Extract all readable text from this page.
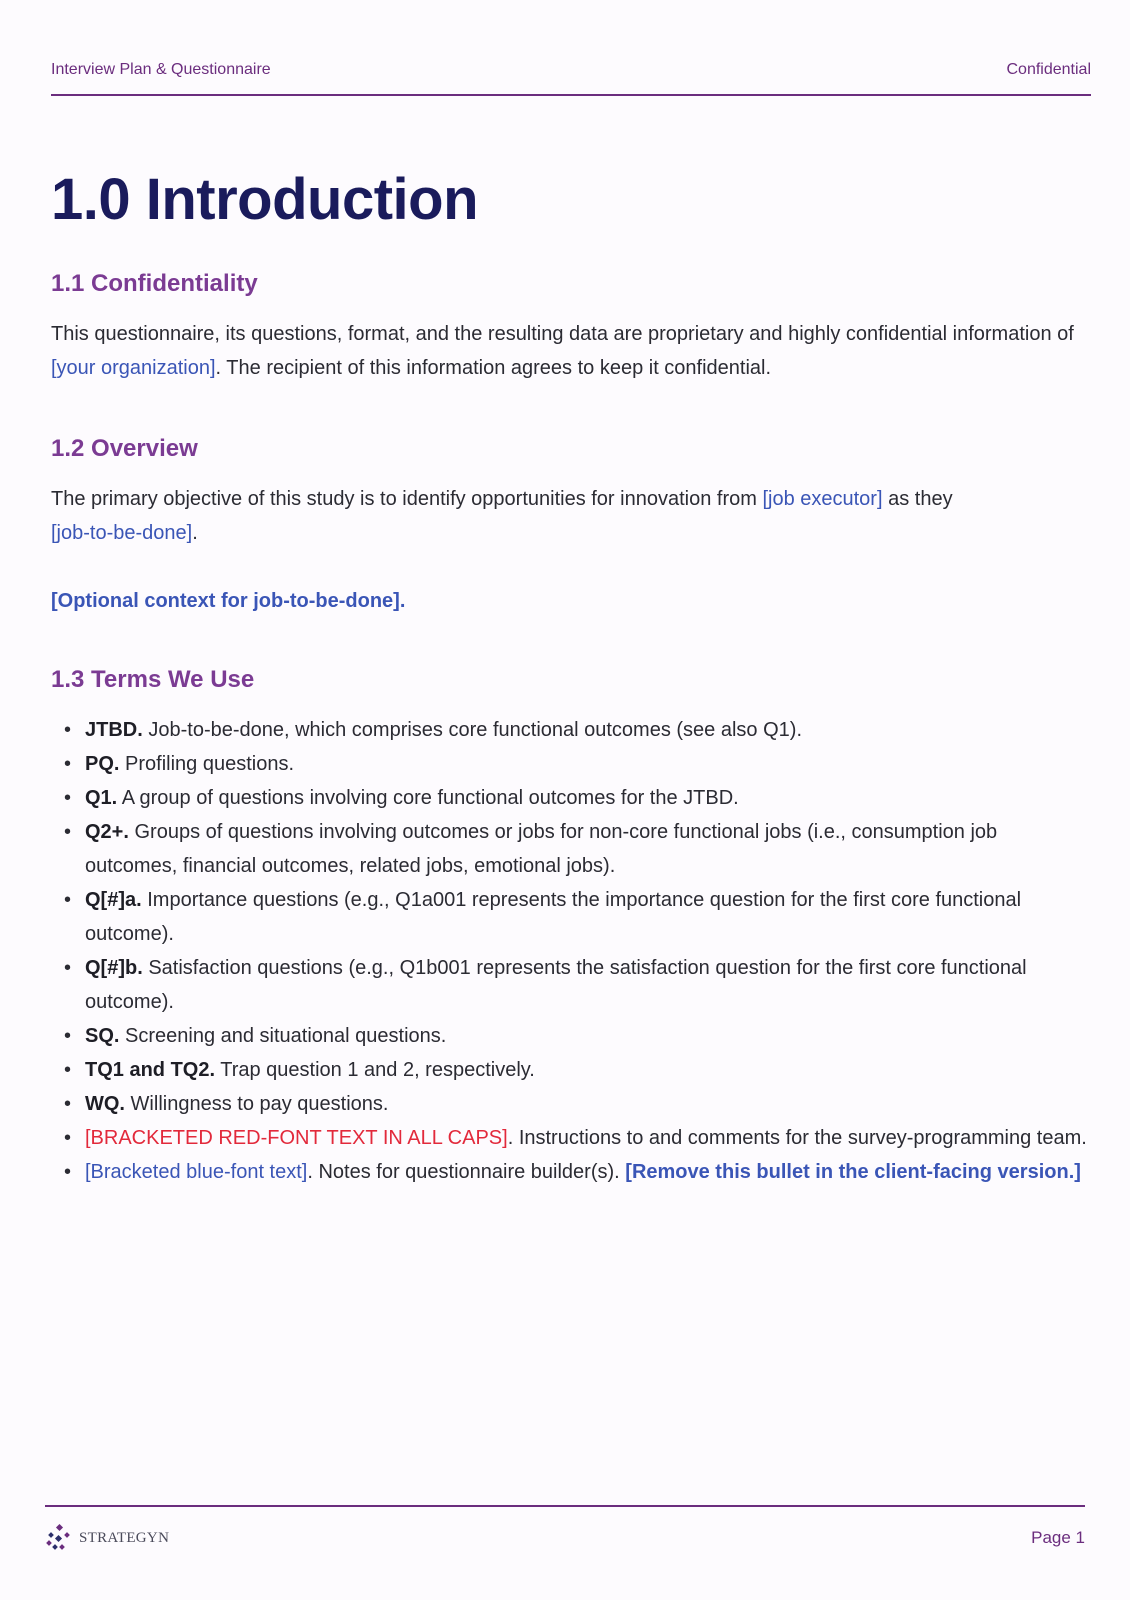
Interview Plan & Questionnaire	Confidential
1.0 Introduction
1.1 Confidentiality

This questionnaire, its questions, format, and the resulting data are proprietary and highly confidential information of [your organization]. The recipient of this information agrees to keep it confidential.

1.2 Overview

The primary objective of this study is to identify opportunities for innovation from [job executor] as they
[job-to-be-done].

[Optional context for job-to-be-done].

1.3 Terms We Use
• JTBD. Job-to-be-done, which comprises core functional outcomes (see also Q1).
• PQ. Profiling questions.
• Q1. A group of questions involving core functional outcomes for the JTBD.
• Q2+. Groups of questions involving outcomes or jobs for non-core functional jobs (i.e., consumption job outcomes, financial outcomes, related jobs, emotional jobs).
• Q[#]a. Importance questions (e.g., Q1a001 represents the importance question for the first core functional outcome).
• Q[#]b. Satisfaction questions (e.g., Q1b001 represents the satisfaction question for the first core functional outcome).
• SQ. Screening and situational questions.
• TQ1 and TQ2. Trap question 1 and 2, respectively.
• WQ. Willingness to pay questions.
• [BRACKETED RED-FONT TEXT IN ALL CAPS]. Instructions to and comments for the survey-programming team.
• [Bracketed blue-font text]. Notes for questionnaire builder(s). [Remove this bullet in the client-facing version.]
STRATEGYN	Page 1
